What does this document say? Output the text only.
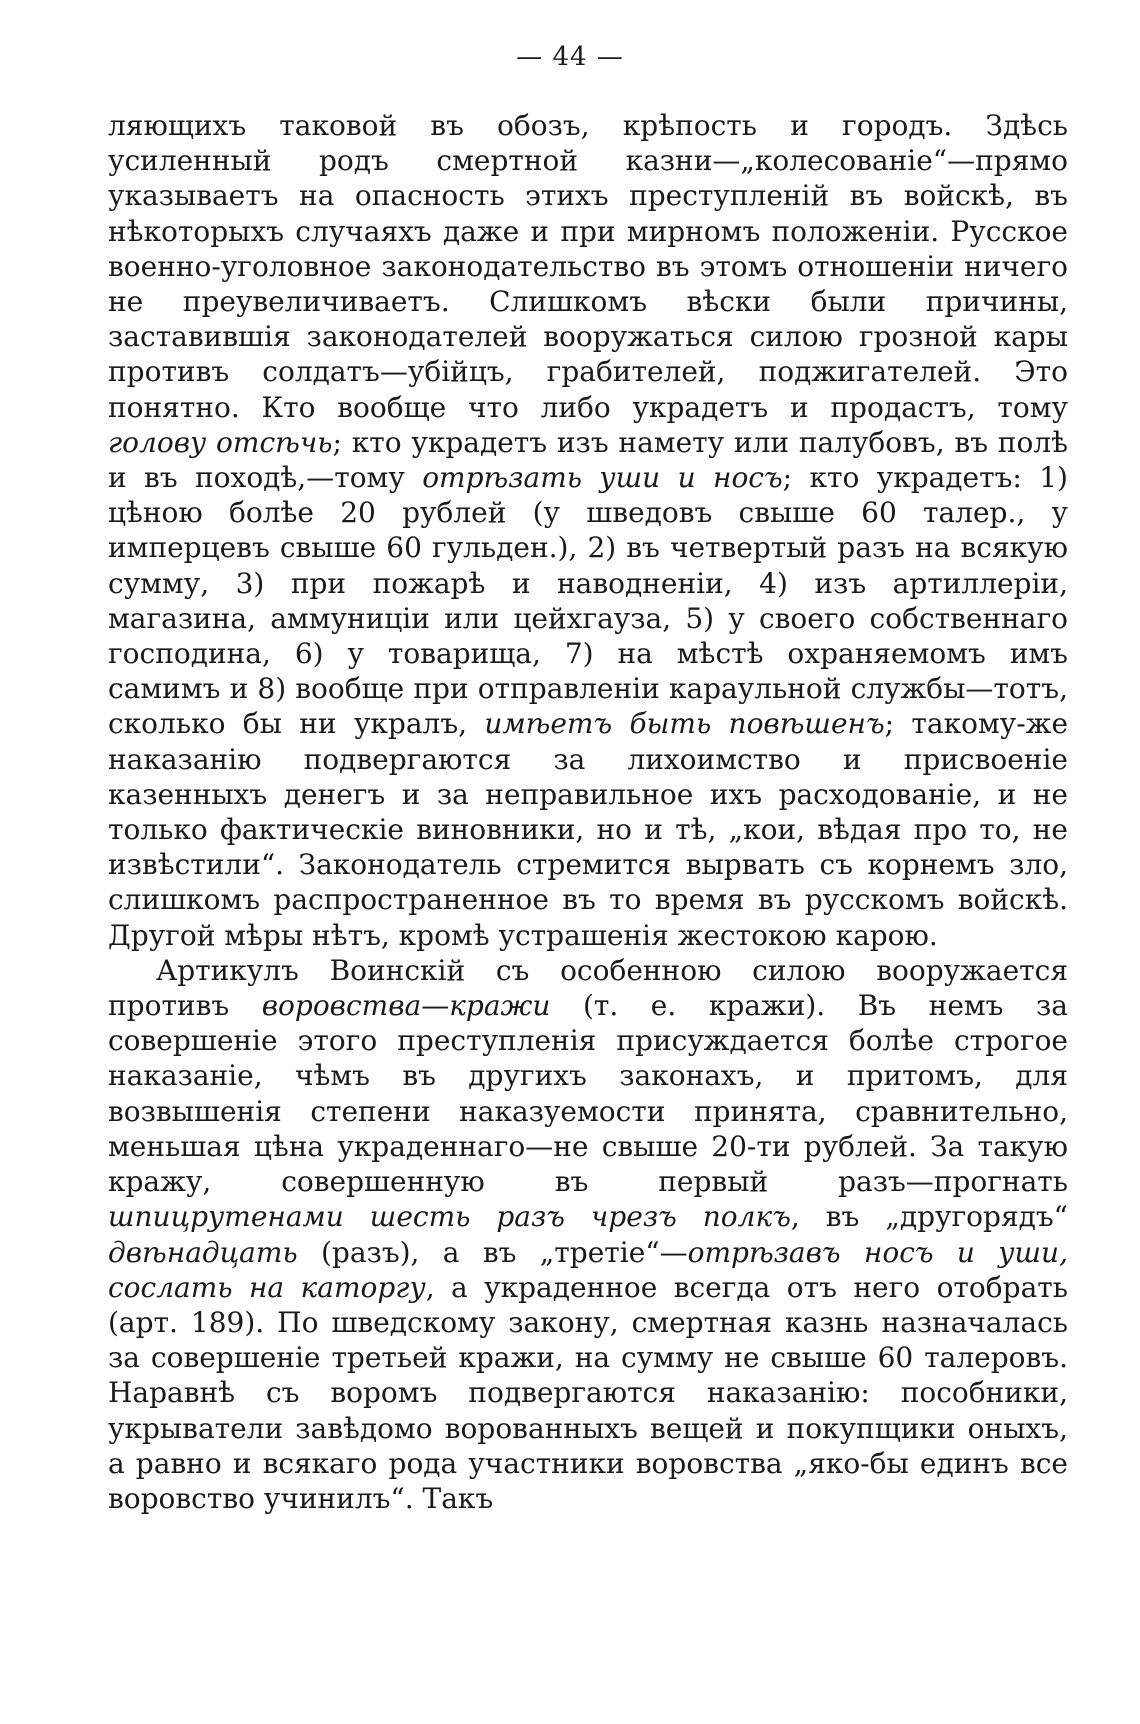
— 44 —

ляющихъ таковой въ обозъ, крѣпость и городъ. Здѣсь усиленный родъ смертной казни—„колесованіе“—прямо указываетъ на опасность этихъ преступленій въ войскѣ, въ нѣкоторыхъ случаяхъ даже и при мирномъ положеніи. Русское военно-уголовное законодательство въ этомъ отношеніи ничего не преувеличиваетъ. Слишкомъ вѣски были причины, заставившія законодателей вооружаться силою грозной кары противъ солдатъ—убійцъ, грабителей, поджигателей. Это понятно. Кто вообще что либо украдетъ и продастъ, тому голову отсѣчь; кто украдетъ изъ намету или палубовъ, въ полѣ и въ походѣ,—тому отрѣзать уши и носъ; кто украдетъ: 1) цѣною болѣе 20 рублей (у шведовъ свыше 60 талер., у имперцевъ свыше 60 гульден.), 2) въ четвертый разъ на всякую сумму, 3) при пожарѣ и наводненіи, 4) изъ артиллеріи, магазина, аммуниціи или цейхгауза, 5) у своего собственнаго господина, 6) у товарища, 7) на мѣстѣ охраняемомъ имъ самимъ и 8) вообще при отправленіи караульной службы—тотъ, сколько бы ни укралъ, имѣетъ быть повѣшенъ; такому-же наказанію подвергаются за лихоимство и присвоеніе казенныхъ денегъ и за неправильное ихъ расходованіе, и не только фактическіе виновники, но и тѣ, „кои, вѣдая про то, не извѣстили“. Законодатель стремится вырвать съ корнемъ зло, слишкомъ распространенное въ то время въ русскомъ войскѣ. Другой мѣры нѣтъ, кромѣ устрашенія жестокою карою.

Артикулъ Воинскій съ особенною силою вооружается противъ воровства—кражи (т. е. кражи). Въ немъ за совершеніе этого преступленія присуждается болѣе строгое наказаніе, чѣмъ въ другихъ законахъ, и притомъ, для возвышенія степени наказуемости принята, сравнительно, меньшая цѣна украденнаго—не свыше 20-ти рублей. За такую кражу, совершенную въ первый разъ—прогнать шпицрутенами шесть разъ чрезъ полкъ, въ „другорядъ“ двѣнадцать (разъ), а въ „третіе“—отрѣзавъ носъ и уши, сослать на каторгу, а украденное всегда отъ него отобрать (арт. 189). По шведскому закону, смертная казнь назначалась за совершеніе третьей кражи, на сумму не свыше 60 талеровъ. Наравнѣ съ воромъ подвергаются наказанію: пособники, укрыватели завѣдомо ворованныхъ вещей и покупщики оныхъ, а равно и всякаго рода участники воровства „яко-бы единъ все воровство учинилъ“. Такъ
